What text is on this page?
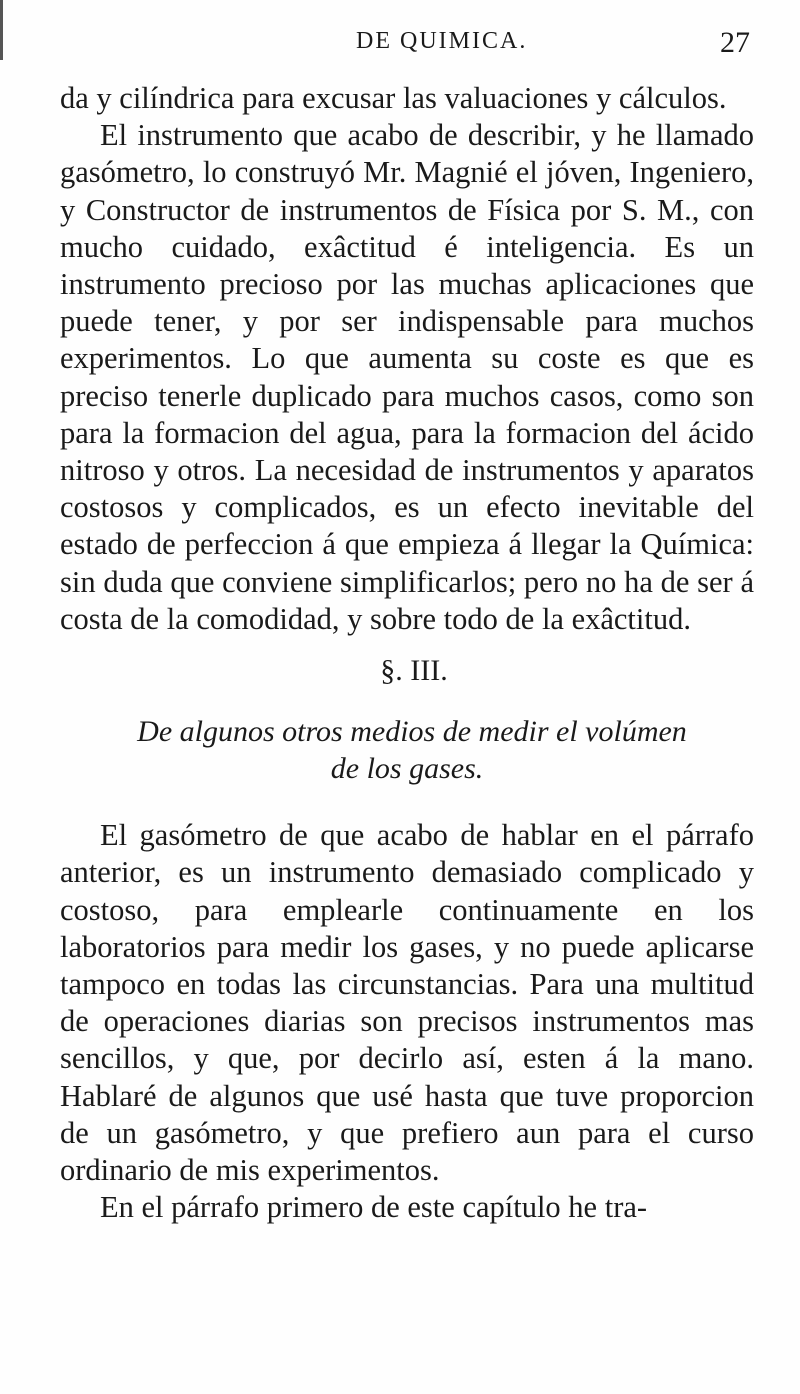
DE QUIMICA.	27

da y cilíndrica para excusar las valuaciones y cálculos.

El instrumento que acabo de describir, y he llamado gasómetro, lo construyó Mr. Magnié el jóven, Ingeniero, y Constructor de instrumentos de Física por S. M., con mucho cuidado, exâctitud é inteligencia. Es un instrumento precioso por las muchas aplicaciones que puede tener, y por ser indispensable para muchos experimentos. Lo que aumenta su coste es que es preciso tenerle duplicado para muchos casos, como son para la formacion del agua, para la formacion del ácido nitroso y otros. La necesidad de instrumentos y aparatos costosos y complicados, es un efecto inevitable del estado de perfeccion á que empieza á llegar la Química: sin duda que conviene simplificarlos; pero no ha de ser á costa de la comodidad, y sobre todo de la exâctitud.

§. III.
De algunos otros medios de medir el volúmen
de los gases.

El gasómetro de que acabo de hablar en el párrafo anterior, es un instrumento demasiado complicado y costoso, para emplearle continuamente en los laboratorios para medir los gases, y no puede aplicarse tampoco en todas las circunstancias. Para una multitud de operaciones diarias son precisos instrumentos mas sencillos, y que, por decirlo así, esten á la mano. Hablaré de algunos que usé hasta que tuve proporcion de un gasómetro, y que prefiero aun para el curso ordinario de mis experimentos.

En el párrafo primero de este capítulo he tra-
